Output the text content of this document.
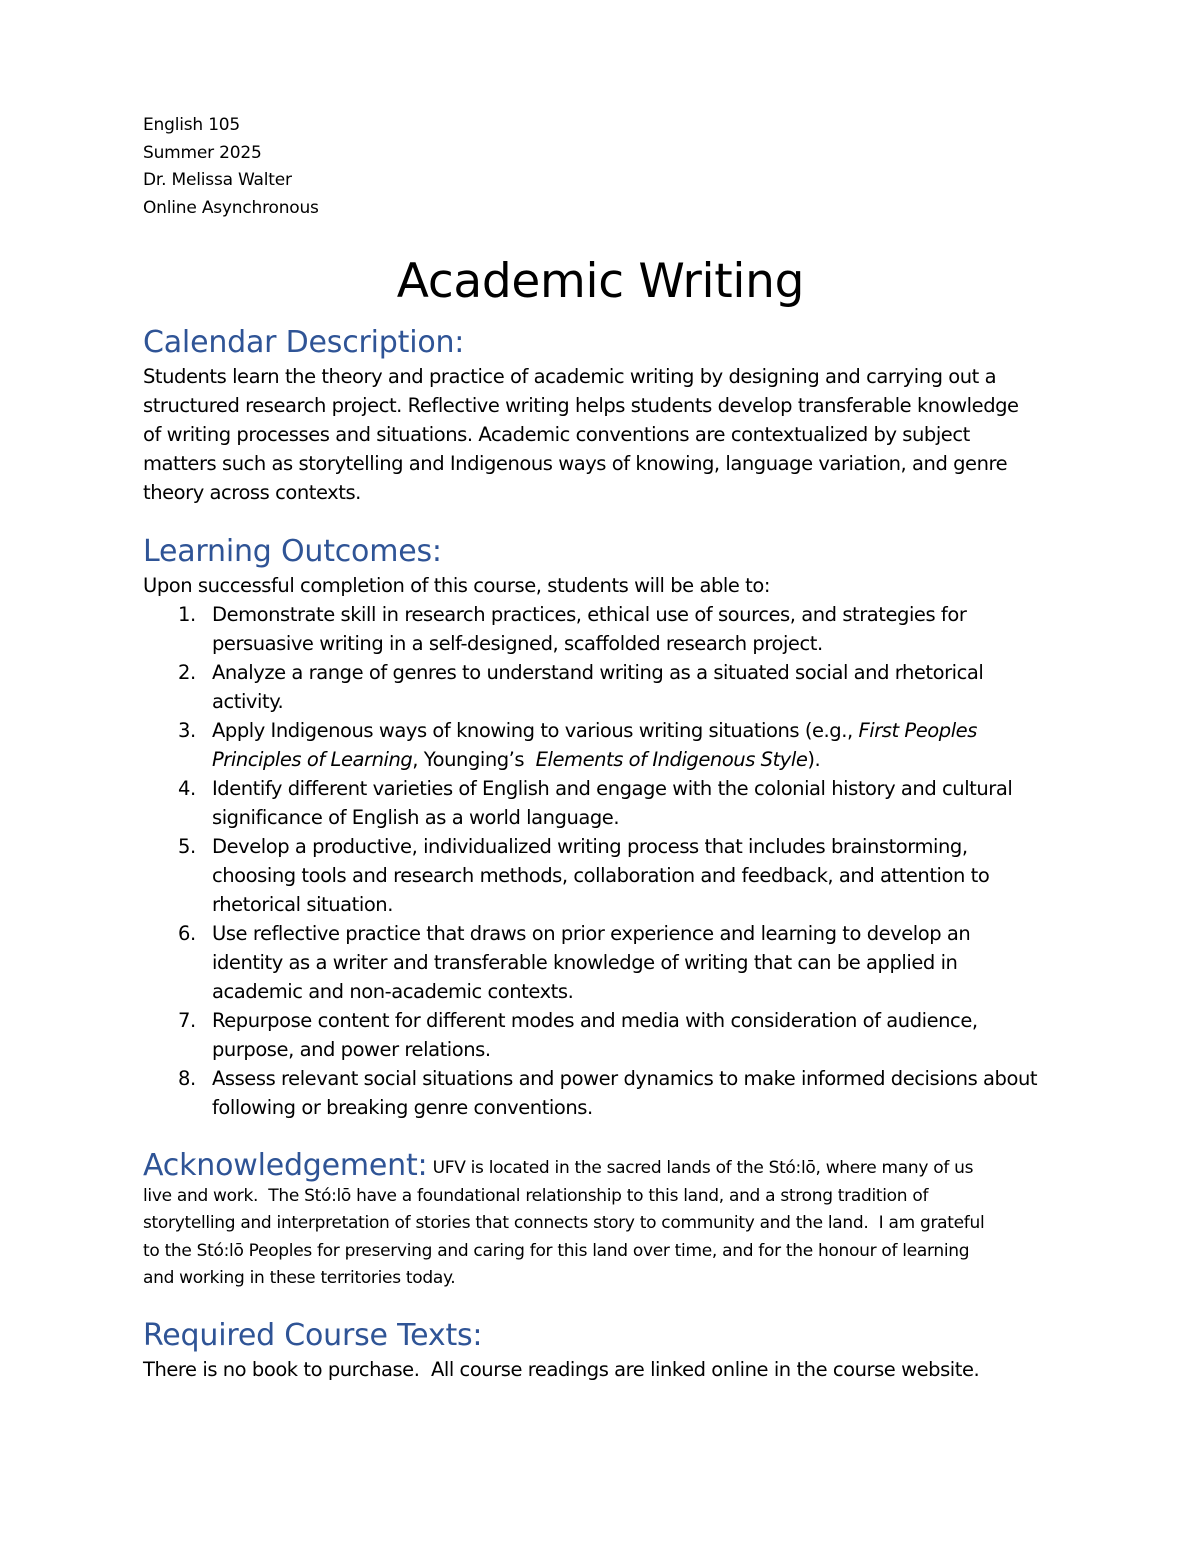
English 105
Summer 2025
Dr. Melissa Walter
Online Asynchronous
Academic Writing
Calendar Description:
Students learn the theory and practice of academic writing by designing and carrying out a
structured research project. Reflective writing helps students develop transferable knowledge
of writing processes and situations. Academic conventions are contextualized by subject
matters such as storytelling and Indigenous ways of knowing, language variation, and genre
theory across contexts.
Learning Outcomes:
Upon successful completion of this course, students will be able to:
1. Demonstrate skill in research practices, ethical use of sources, and strategies for
persuasive writing in a self-designed, scaffolded research project.
2. Analyze a range of genres to understand writing as a situated social and rhetorical
activity.
3. Apply Indigenous ways of knowing to various writing situations (e.g., First Peoples
Principles of Learning, Younging’s  Elements of Indigenous Style).
4. Identify different varieties of English and engage with the colonial history and cultural
significance of English as a world language.
5. Develop a productive, individualized writing process that includes brainstorming,
choosing tools and research methods, collaboration and feedback, and attention to
rhetorical situation.
6. Use reflective practice that draws on prior experience and learning to develop an
identity as a writer and transferable knowledge of writing that can be applied in
academic and non-academic contexts.
7. Repurpose content for different modes and media with consideration of audience,
purpose, and power relations.
8. Assess relevant social situations and power dynamics to make informed decisions about
following or breaking genre conventions.
Acknowledgement: UFV is located in the sacred lands of the Stó:lō, where many of us
live and work.  The Stó:lō have a foundational relationship to this land, and a strong tradition of
storytelling and interpretation of stories that connects story to community and the land.  I am grateful
to the Stó:lō Peoples for preserving and caring for this land over time, and for the honour of learning
and working in these territories today.
Required Course Texts:
There is no book to purchase.  All course readings are linked online in the course website.
